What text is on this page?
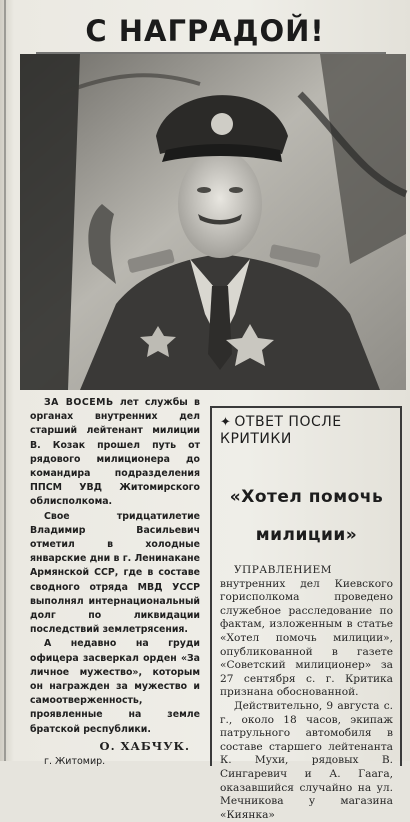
С НАГРАДОЙ!

ЗА ВОСЕМЬ лет службы в органах внутренних дел старший лейтенант милиции В. Козак прошел путь от рядового милиционера до командира подразделения ППСМ УВД Житомирского облисполкома.

Свое тридцатилетие Владимир Васильевич отметил в холодные январские дни в г. Ленинакане Армянской ССР, где в составе сводного отряда МВД УССР выполнял интернациональный долг по ликвидации последствий землетрясения.

А недавно на груди офицера засверкал орден «За личное мужество», которым он награжден за мужество и самоотверженность, проявленные на земле братской республики.

О. ХАБЧУК.
г. Житомир.
✦ ОТВЕТ ПОСЛЕ КРИТИКИ
«Хотел помочь
милиции»

УПРАВЛЕНИЕМ внутренних дел Киевского горисполкома проведено служебное расследование по фактам, изложенным в статье «Хотел помочь милиции», опубликованной в газете «Советский милиционер» за 27 сентября с. г. Критика признана обоснованной.

Действительно, 9 августа с. г., около 18 часов, экипаж патрульного автомобиля в составе старшего лейтенанта К. Мухи, рядовых В. Сингаревич и А. Гаага, оказавшийся случайно на ул. Мечникова у магазина «Киянка»
